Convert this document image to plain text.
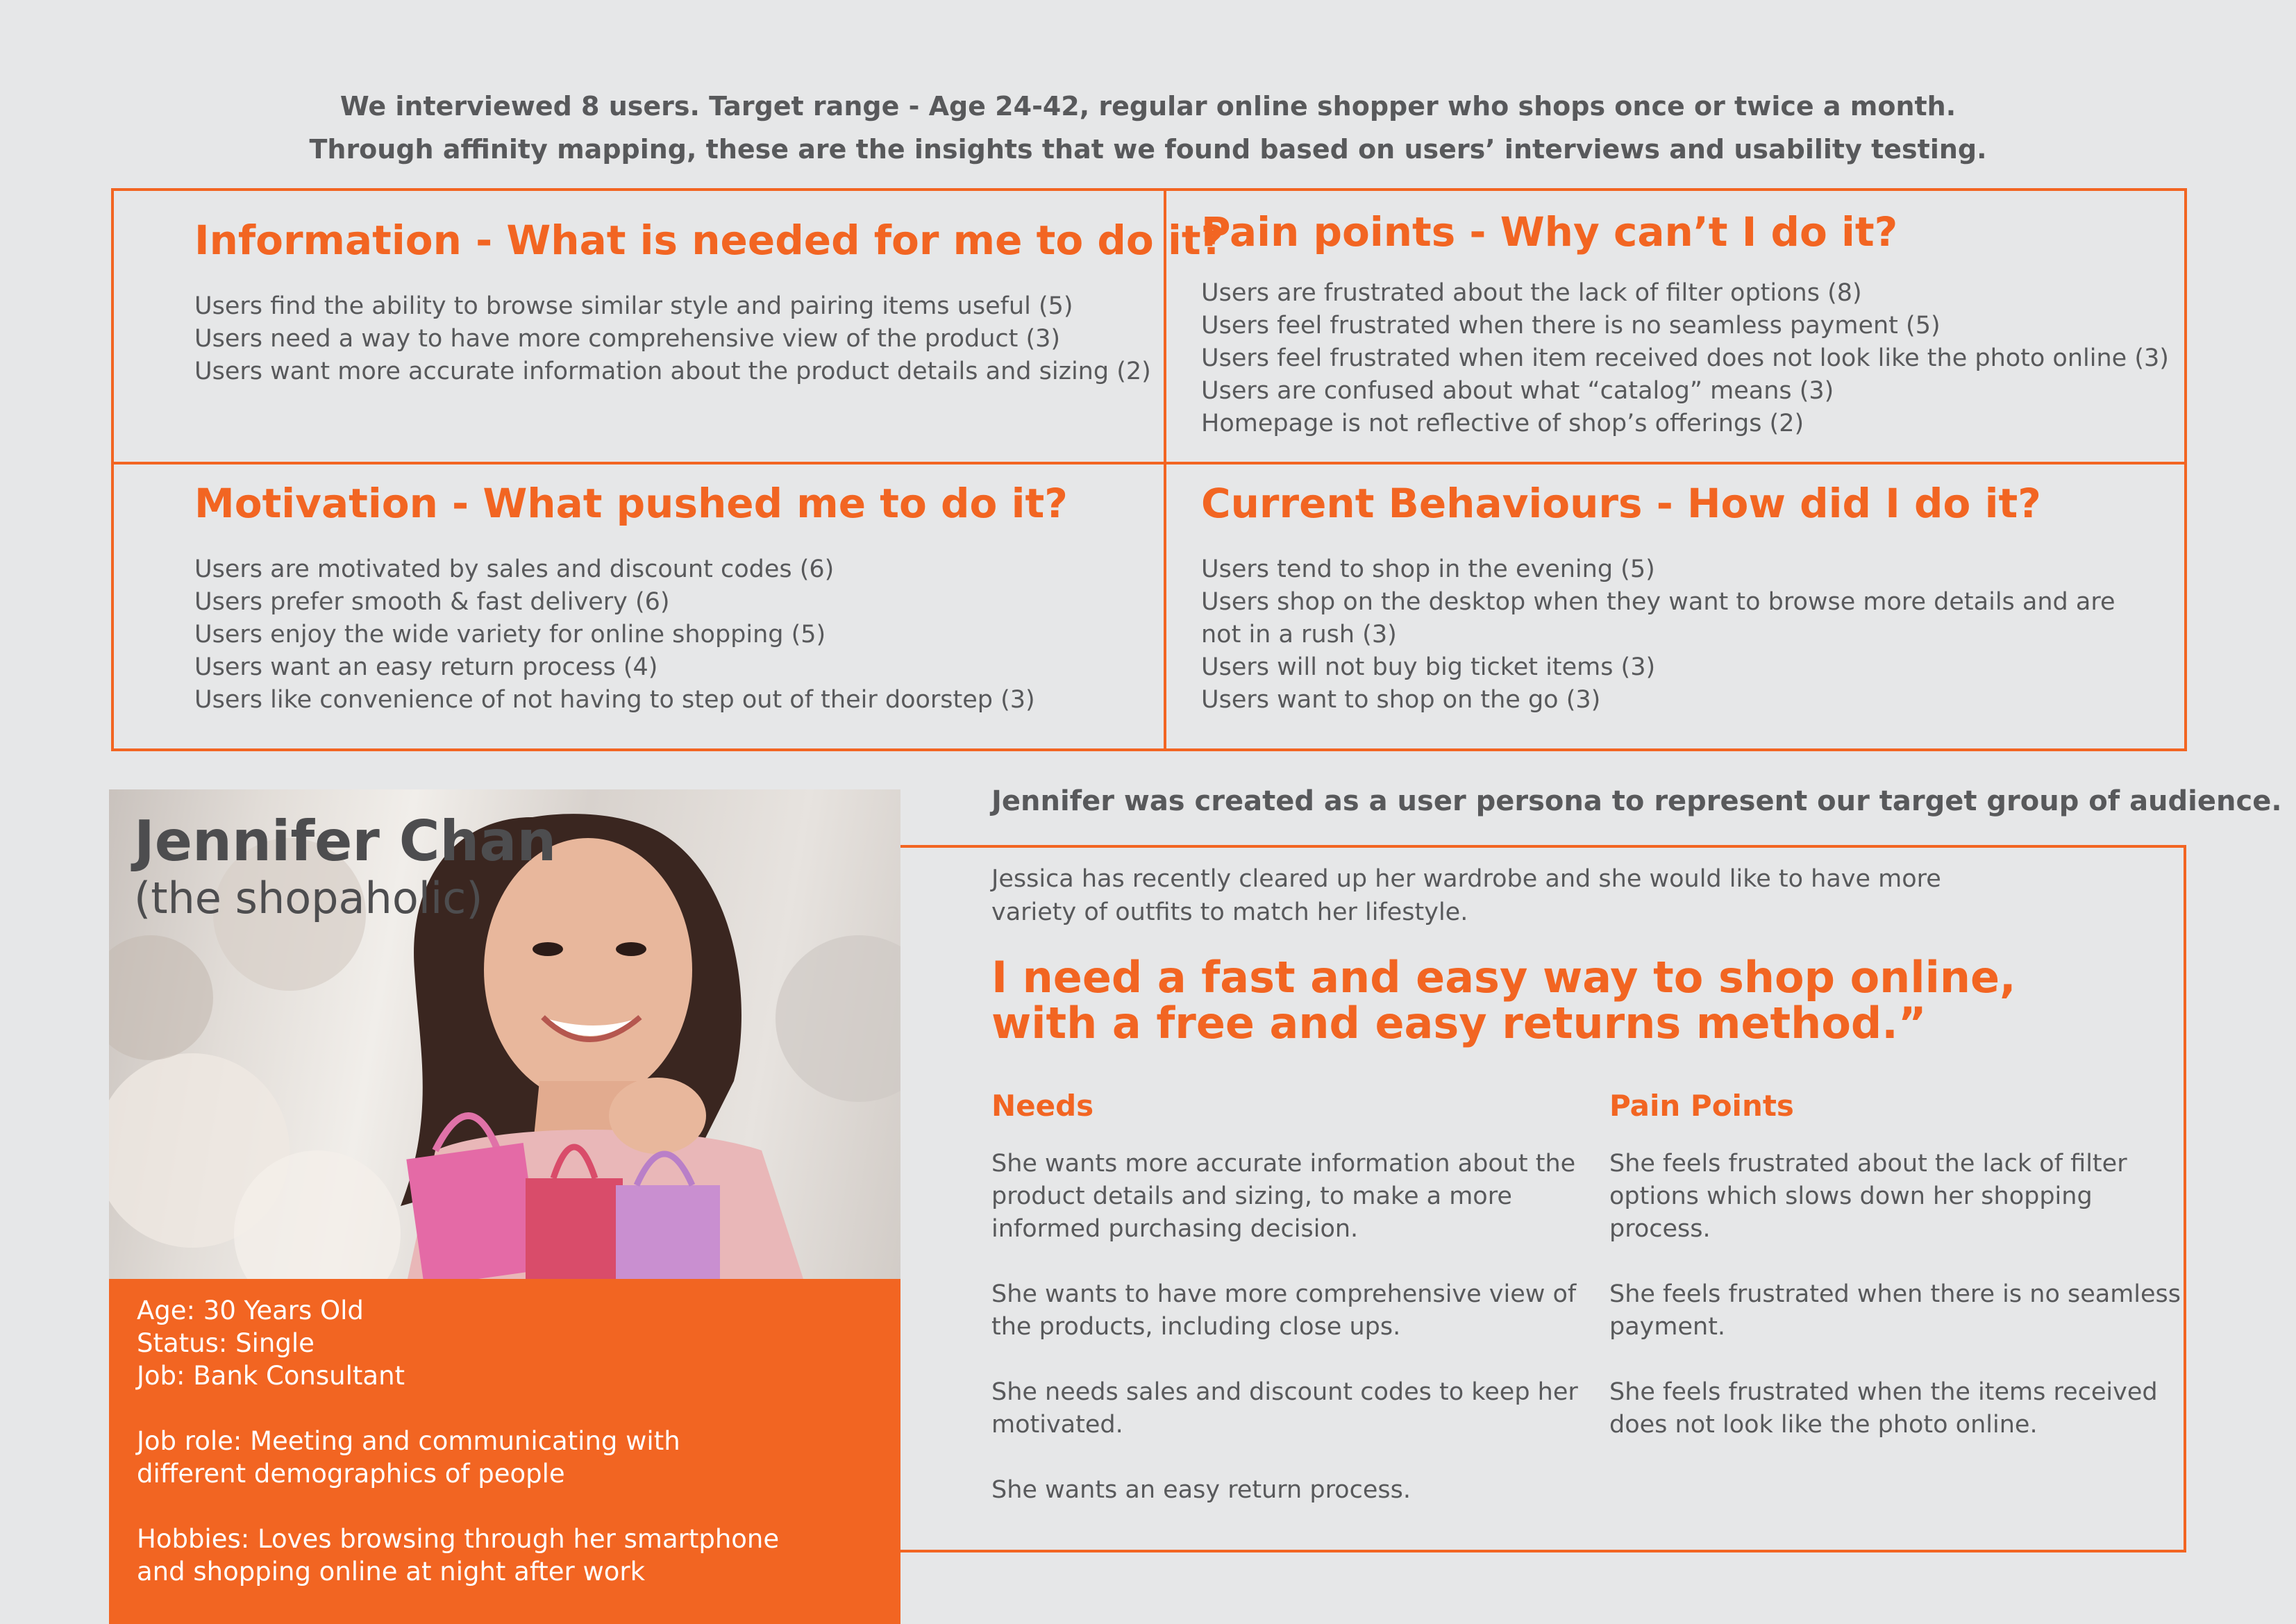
We interviewed 8 users. Target range - Age 24-42, regular online shopper who shops once or twice a month.
Through affinity mapping, these are the insights that we found based on users’ interviews and usability testing.
Information - What is needed for me to do it?
Users find the ability to browse similar style and pairing items useful (5)
Users need a way to have more comprehensive view of the product (3)
Users want more accurate information about the product details and sizing (2)
Pain points - Why can’t I do it?
Users are frustrated about the lack of filter options (8)
Users feel frustrated when there is no seamless payment (5)
Users feel frustrated when item received does not look like the photo online (3)
Users are confused about what “catalog” means (3)
Homepage is not reflective of shop’s offerings (2)
Motivation - What pushed me to do it?
Users are motivated by sales and discount codes (6)
Users prefer smooth & fast delivery (6)
Users enjoy the wide variety for online shopping (5)
Users want an easy return process (4)
Users like convenience of not having to step out of their doorstep (3)
Current Behaviours - How did I do it?
Users tend to shop in the evening (5)
Users shop on the desktop when they want to browse more details and are not in a rush (3)
Users will not buy big ticket items (3)
Users want to shop on the go (3)
Jennifer Chan
(the shopaholic)

Age: 30 Years Old

Status: Single

Job: Bank Consultant

Job role: Meeting and communicating with different demographics of people

Hobbies: Loves browsing through her smartphone and shopping online at night after work

Jennifer was created as a user persona to represent our target group of audience.
Jessica has recently cleared up her wardrobe and she would like to have more variety of outfits to match her lifestyle.
I need a fast and easy way to shop online,
with a free and easy returns method.”
Needs

She wants more accurate information about the product details and sizing, to make a more informed purchasing decision.

She wants to have more comprehensive view of the products, including close ups.

She needs sales and discount codes to keep her motivated.

She wants an easy return process.

Pain Points

She feels frustrated about the lack of filter options which slows down her shopping process.

She feels frustrated when there is no seamless payment.

She feels frustrated when the items received does not look like the photo online.
